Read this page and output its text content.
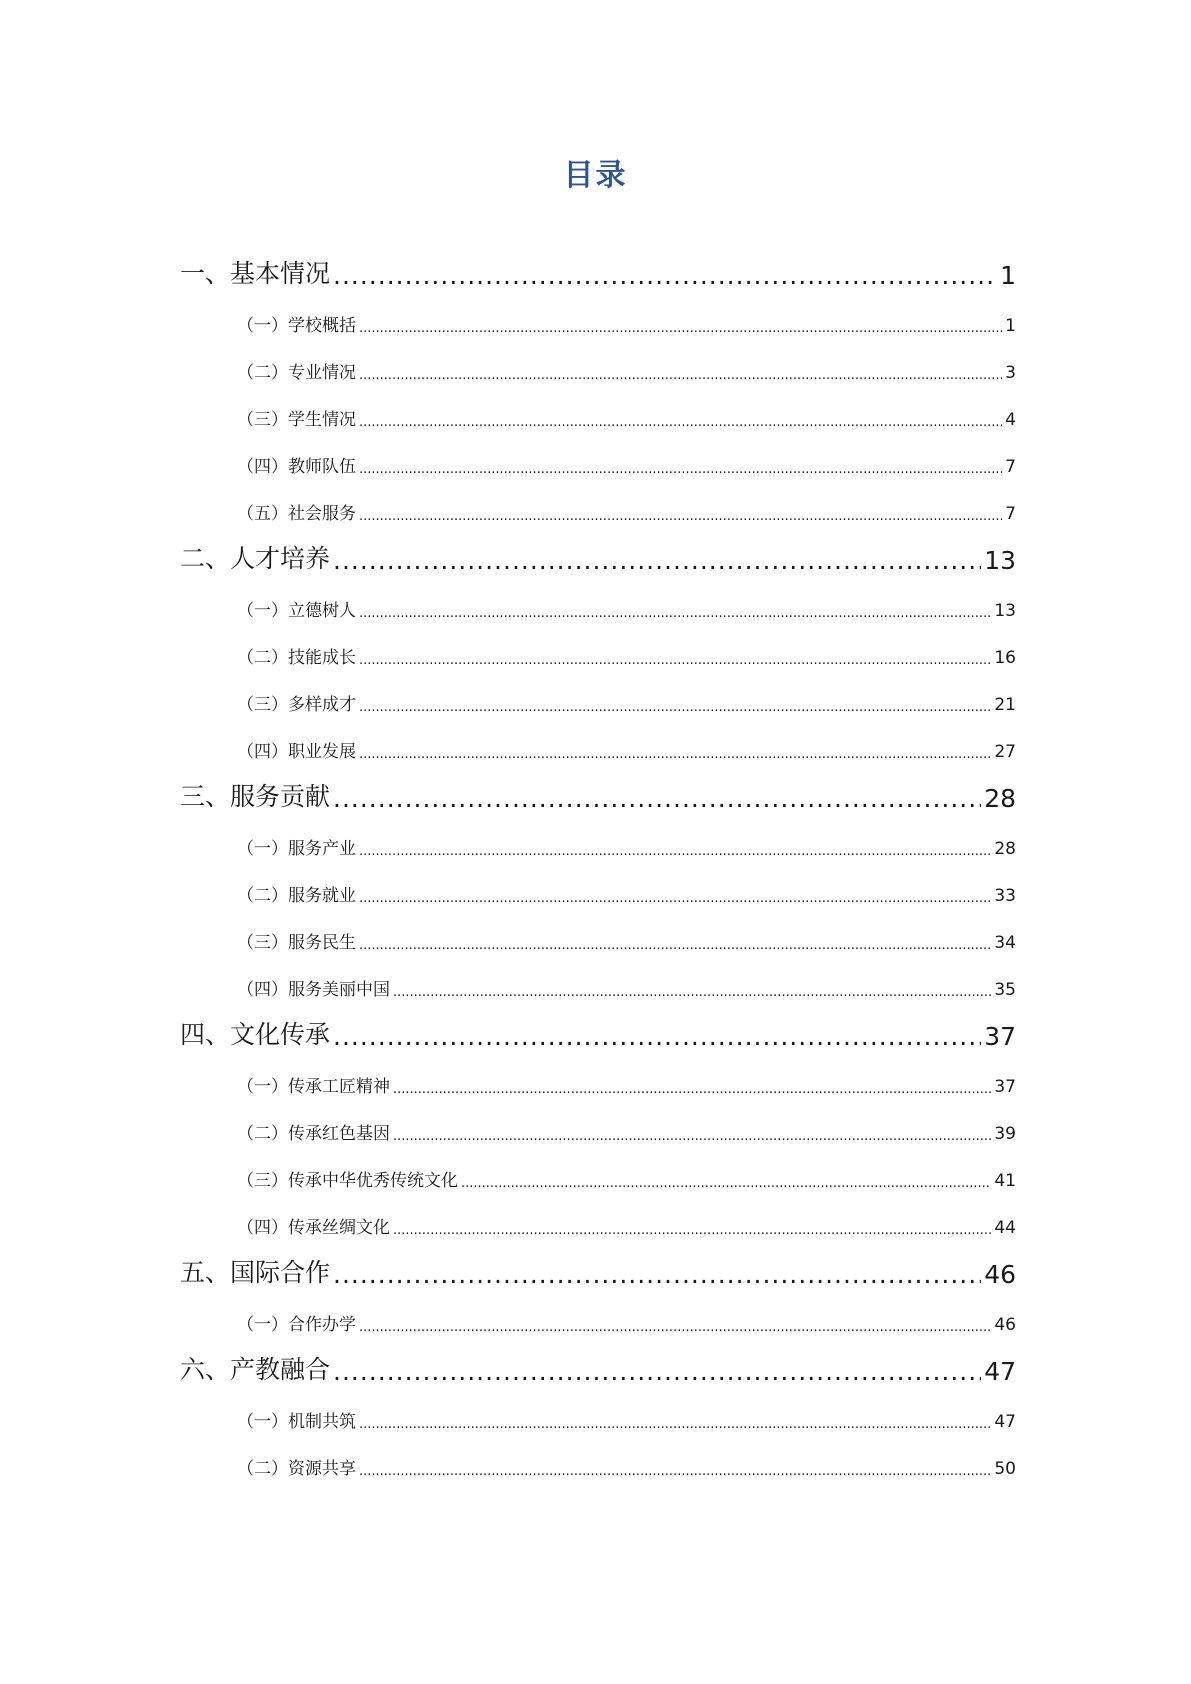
目录
一、基本情况 .....	1
（一）学校概括 .....	1
（二）专业情况 .....	3
（三）学生情况 .....	4
（四）教师队伍 .....	7
（五）社会服务 .....	7
二、人才培养 .....	13
（一）立德树人 .....	13
（二）技能成长 .....	16
（三）多样成才 .....	21
（四）职业发展 .....	27
三、服务贡献 .....	28
（一）服务产业 .....	28
（二）服务就业 .....	33
（三）服务民生 .....	34
（四）服务美丽中国 .....	35
四、文化传承 .....	37
（一）传承工匠精神 .....	37
（二）传承红色基因 .....	39
（三）传承中华优秀传统文化 .....	41
（四）传承丝绸文化 .....	44
五、国际合作 .....	46
（一）合作办学 .....	46
六、产教融合 .....	47
（一）机制共筑 .....	47
（二）资源共享 .....	50
